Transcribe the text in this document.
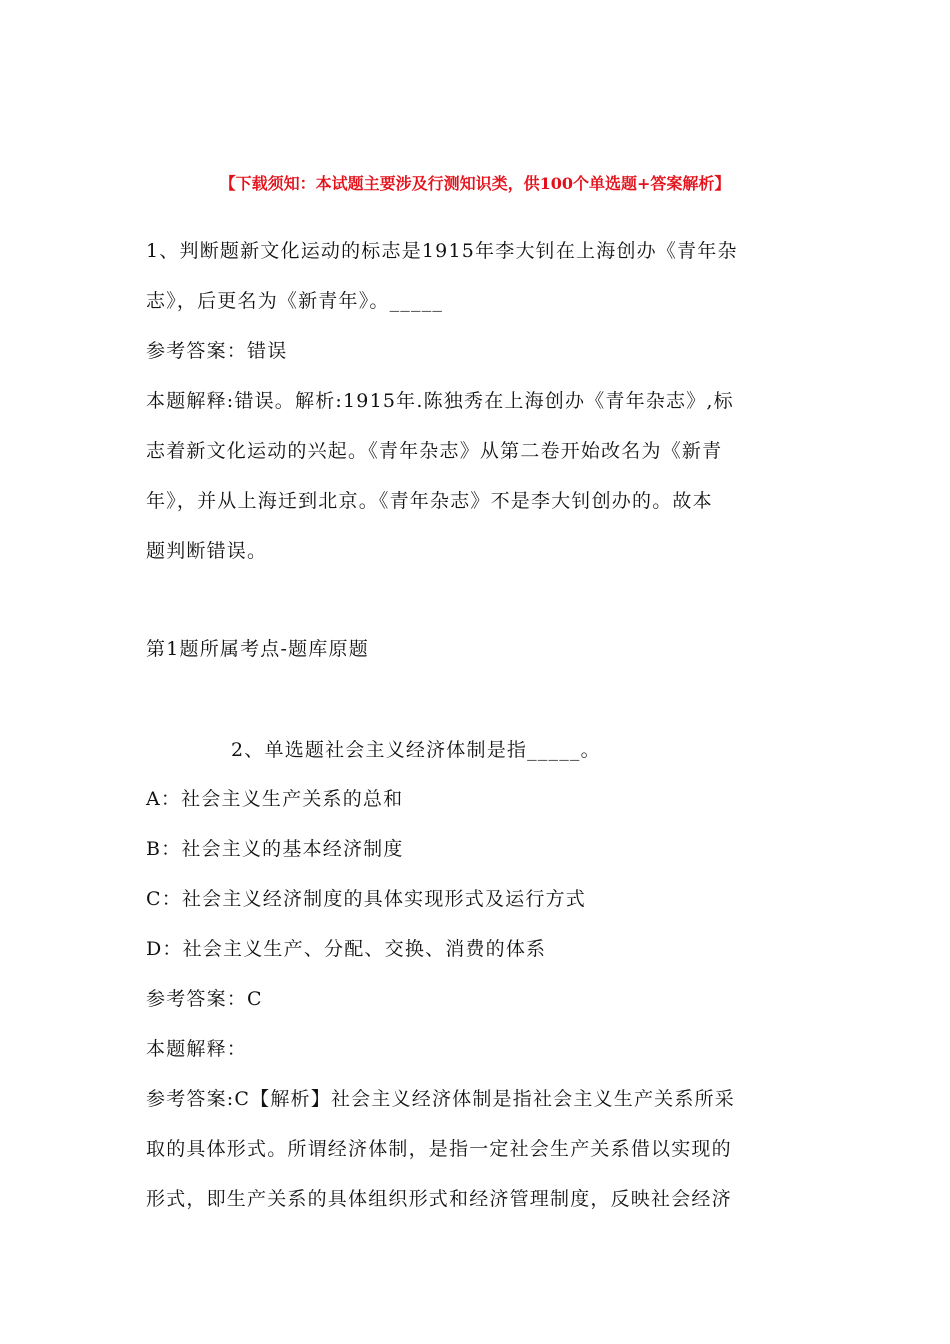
【下载须知：本试题主要涉及行测知识类，供100个单选题+答案解析】
1、判断题新文化运动的标志是1915年李大钊在上海创办《青年杂
志》，后更名为《新青年》。_____
参考答案：错误
本题解释:错误。解析:1915年.陈独秀在上海创办《青年杂志》,标
志着新文化运动的兴起。《青年杂志》从第二卷开始改名为《新青
年》，并从上海迁到北京。《青年杂志》不是李大钊创办的。故本
题判断错误。
第1题所属考点-题库原题
2、单选题社会主义经济体制是指_____。
A：社会主义生产关系的总和
B：社会主义的基本经济制度
C：社会主义经济制度的具体实现形式及运行方式
D：社会主义生产、分配、交换、消费的体系
参考答案：C
本题解释：
参考答案:C【解析】社会主义经济体制是指社会主义生产关系所采
取的具体形式。所谓经济体制，是指一定社会生产关系借以实现的
形式，即生产关系的具体组织形式和经济管理制度，反映社会经济
